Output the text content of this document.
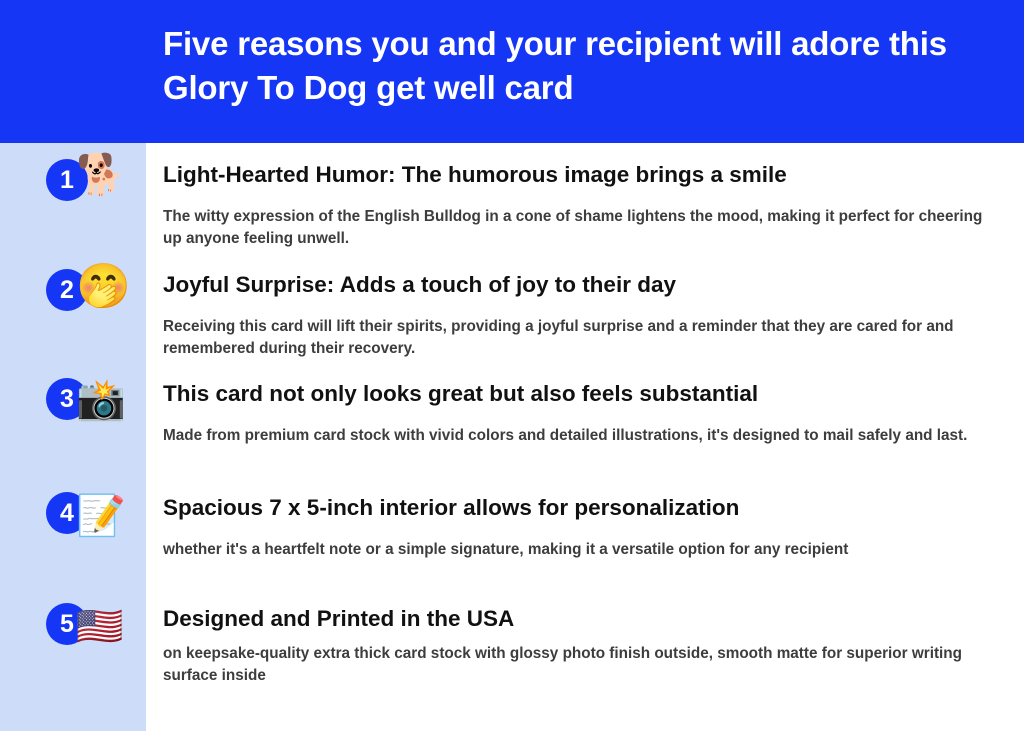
Five reasons you and your recipient will adore this Glory To Dog get well card
1 🐕 Light-Hearted Humor: The humorous image brings a smile
The witty expression of the English Bulldog in a cone of shame lightens the mood, making it perfect for cheering up anyone feeling unwell.
2 🤭 Joyful Surprise: Adds a touch of joy to their day
Receiving this card will lift their spirits, providing a joyful surprise and a reminder that they are cared for and remembered during their recovery.
3 📸 This card not only looks great but also feels substantial
Made from premium card stock with vivid colors and detailed illustrations, it's designed to mail safely and last.
4 📝 Spacious 7 x 5-inch interior allows for personalization
whether it's a heartfelt note or a simple signature, making it a versatile option for any recipient
5 🇺🇸	Designed and Printed in the USA
on keepsake-quality extra thick card stock with glossy photo finish outside, smooth matte for superior writing surface inside
